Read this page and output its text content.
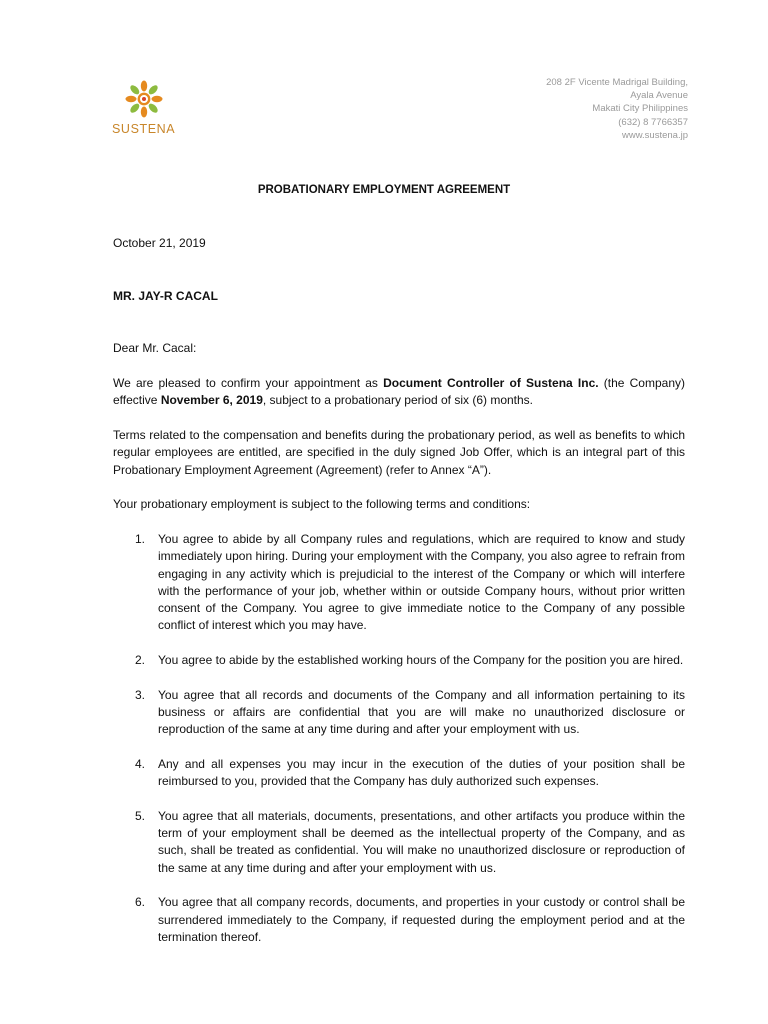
SUSTENA
208 2F Vicente Madrigal Building,
Ayala Avenue
Makati City Philippines
(632) 8 7766357
www.sustena.jp
PROBATIONARY EMPLOYMENT AGREEMENT
October 21, 2019
MR. JAY-R CACAL
Dear Mr. Cacal:
We are pleased to confirm your appointment as Document Controller of Sustena Inc. (the Company) effective November 6, 2019, subject to a probationary period of six (6) months.
Terms related to the compensation and benefits during the probationary period, as well as benefits to which regular employees are entitled, are specified in the duly signed Job Offer, which is an integral part of this Probationary Employment Agreement (Agreement) (refer to Annex “A”).
Your probationary employment is subject to the following terms and conditions:
1. You agree to abide by all Company rules and regulations, which are required to know and study immediately upon hiring. During your employment with the Company, you also agree to refrain from engaging in any activity which is prejudicial to the interest of the Company or which will interfere with the performance of your job, whether within or outside Company hours, without prior written consent of the Company. You agree to give immediate notice to the Company of any possible conflict of interest which you may have.
2. You agree to abide by the established working hours of the Company for the position you are hired.
3. You agree that all records and documents of the Company and all information pertaining to its business or affairs are confidential that you are will make no unauthorized disclosure or reproduction of the same at any time during and after your employment with us.
4. Any and all expenses you may incur in the execution of the duties of your position shall be reimbursed to you, provided that the Company has duly authorized such expenses.
5. You agree that all materials, documents, presentations, and other artifacts you produce within the term of your employment shall be deemed as the intellectual property of the Company, and as such, shall be treated as confidential. You will make no unauthorized disclosure or reproduction of the same at any time during and after your employment with us.
6. You agree that all company records, documents, and properties in your custody or control shall be surrendered immediately to the Company, if requested during the employment period and at the termination thereof.
